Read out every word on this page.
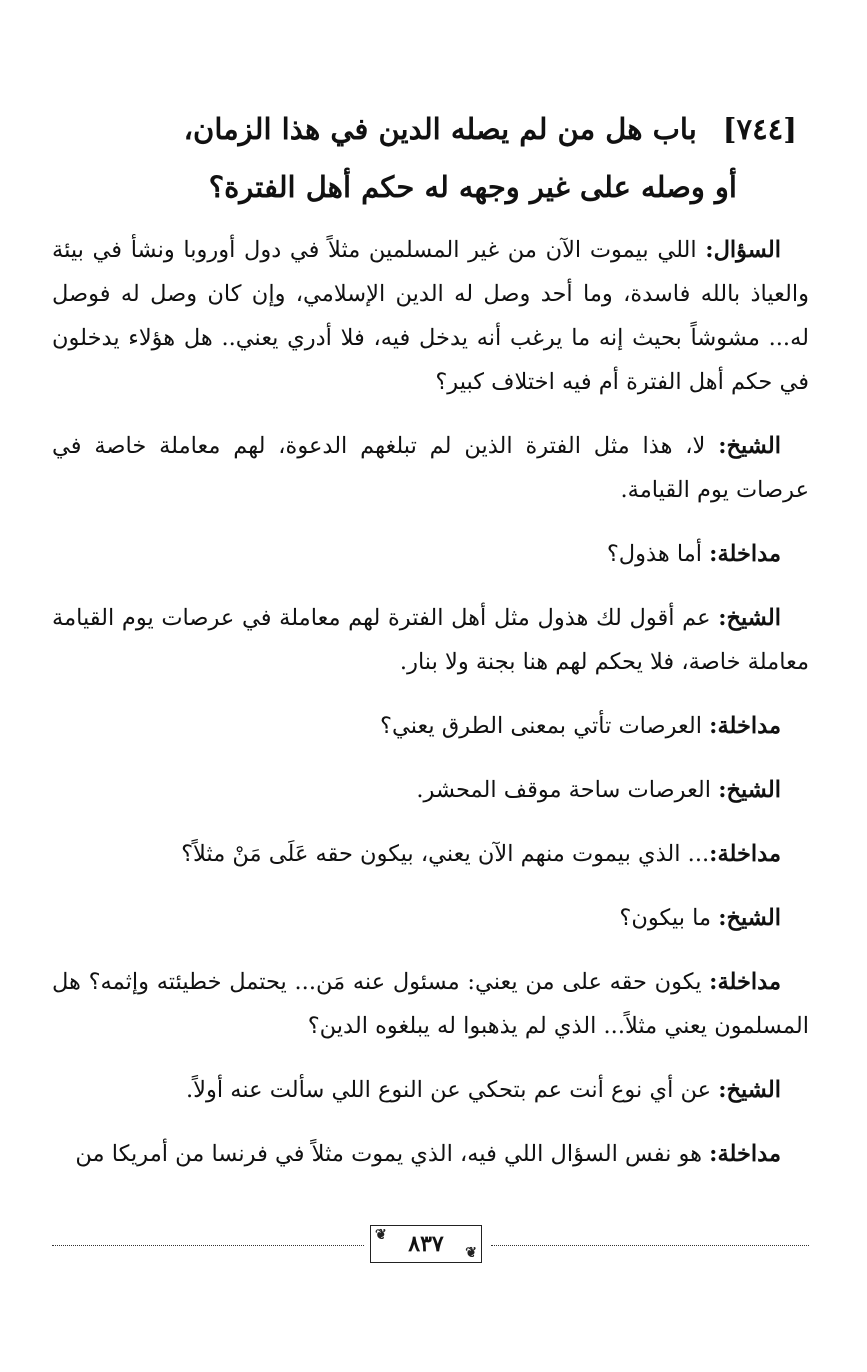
[٧٤٤]باب هل من لم يصله الدين في هذا الزمان،
أو وصله على غير وجهه له حكم أهل الفترة؟

السؤال: اللي بيموت الآن من غير المسلمين مثلاً في دول أوروبا ونشأ في بيئة والعياذ بالله فاسدة، وما أحد وصل له الدين الإسلامي، وإن كان وصل له فوصل له... مشوشاً بحيث إنه ما يرغب أنه يدخل فيه، فلا أدري يعني.. هل هؤلاء يدخلون في حكم أهل الفترة أم فيه اختلاف كبير؟

الشيخ: لا، هذا مثل الفترة الذين لم تبلغهم الدعوة، لهم معاملة خاصة في عرصات يوم القيامة.

مداخلة: أما هذول؟

الشيخ: عم أقول لك هذول مثل أهل الفترة لهم معاملة في عرصات يوم القيامة معاملة خاصة، فلا يحكم لهم هنا بجنة ولا بنار.

مداخلة: العرصات تأتي بمعنى الطرق يعني؟

الشيخ: العرصات ساحة موقف المحشر.

مداخلة:... الذي بيموت منهم الآن يعني، بيكون حقه عَلَى مَنْ مثلاً؟

الشيخ: ما بيكون؟

مداخلة: يكون حقه على من يعني: مسئول عنه مَن... يحتمل خطيئته وإثمه؟ هل المسلمون يعني مثلاً... الذي لم يذهبوا له يبلغوه الدين؟

الشيخ: عن أي نوع أنت عم بتحكي عن النوع اللي سألت عنه أولاً.

مداخلة: هو نفس السؤال اللي فيه، الذي يموت مثلاً في فرنسا من أمريكا من

❦ ٨٣٧ ❦
